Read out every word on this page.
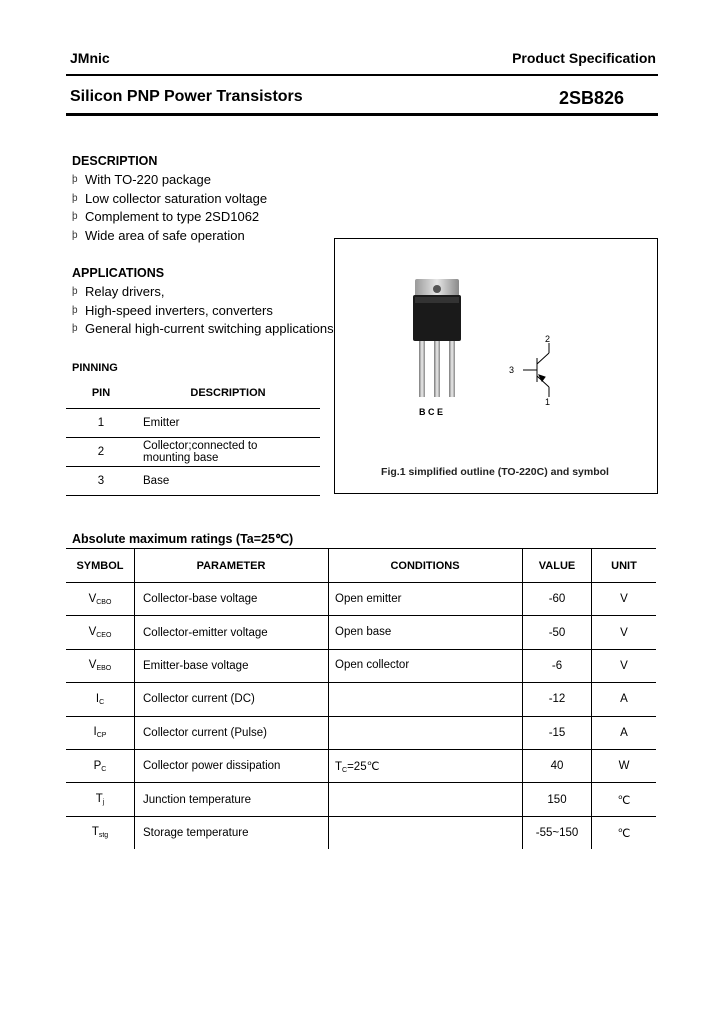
JMnic	Product Specification
Silicon PNP Power Transistors	2SB826
DESCRIPTION
þ With TO-220 package
þ Low collector saturation voltage
þ Complement to type 2SD1062
þ Wide area of safe operation
APPLICATIONS
þ Relay drivers,
þ High-speed inverters, converters
þ General high-current switching applications
PINNING
PIN	DESCRIPTION
1	Emitter
2	Collector;connected to mounting base
3	Base
B C E
2
3
1
Fig.1 simplified outline (TO-220C) and symbol
Absolute maximum ratings (Ta=25℃)
SYMBOL	PARAMETER	CONDITIONS	VALUE	UNIT
$V_{CBO}$	Collector-base voltage	Open emitter	-60	V
$V_{CEO}$	Collector-emitter voltage	Open base	-50	V
$V_{EBO}$	Emitter-base voltage	Open collector	-6	V
$I_C$	Collector current (DC)		-12	A
$I_{CP}$	Collector current (Pulse)		-15	A
$P_C$	Collector power dissipation	$T_C=25℃$	40	W
$T_j$	Junction temperature		150	℃
$T_{stg}$	Storage temperature		-55~150	℃
